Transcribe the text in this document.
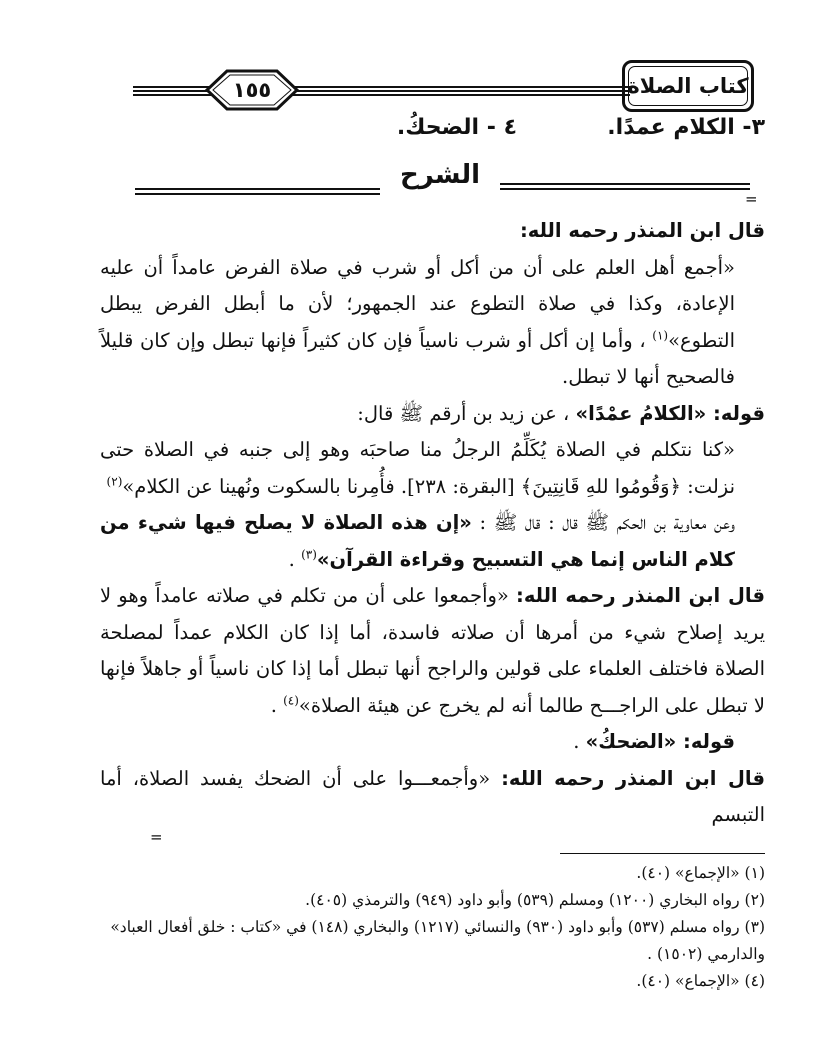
١٥٥	كتاب الصلاة
٣- الكلام عمدًا.
٤ - الضحكُ.
الشرح
=

قال ابن المنذر رحمه الله:

«أجمع أهل العلم على أن من أكل أو شرب في صلاة الفرض عامداً أن عليه الإعادة، وكذا في صلاة التطوع عند الجمهور؛ لأن ما أبطل الفرض يبطل التطوع»$^{(١)}$ ، وأما إن أكل أو شرب ناسياً فإن كان كثيراً فإنها تبطل وإن كان قليلاً فالصحيح أنها لا تبطل.

قوله: «الكلامُ عمْدًا» ، عن زيد بن أرقم ﷺ قال:

«كنا نتكلم في الصلاة يُكَلِّمُ الرجلُ منا صاحبَه وهو إلى جنبه في الصلاة حتى نزلت: ﴿وَقُومُوا للهِ قَانِتِينَ﴾ [البقرة: ٢٣٨]. فأُمِرنا بالسكوت ونُهينا عن الكلام»$^{(٢)}$

وعن معاوية بن الحكم ﷺ قال : قال ﷺ : «إن هذه الصلاة لا يصلح فيها شيء من كلام الناس إنما هي التسبيح وقراءة القرآن»$^{(٣)}$ .

قال ابن المنذر رحمه الله: «وأجمعوا على أن من تكلم في صلاته عامداً وهو لا يريد إصلاح شيء من أمرها أن صلاته فاسدة، أما إذا كان الكلام عمداً لمصلحة الصلاة فاختلف العلماء على قولين والراجح أنها تبطل أما إذا كان ناسياً أو جاهلاً فإنها لا تبطل على الراجـــح طالما أنه لم يخرج عن هيئة الصلاة»$^{(٤)}$ .

قوله: «الضحكُ» .

قال ابن المنذر رحمه الله: «وأجمعـــوا على أن الضحك يفسد الصلاة، أما التبسم

=

(١) «الإجماع» (٤٠).

(٢) رواه البخاري (١٢٠٠) ومسلم (٥٣٩) وأبو داود (٩٤٩) والترمذي (٤٠٥).

(٣) رواه مسلم (٥٣٧) وأبو داود (٩٣٠) والنسائي (١٢١٧) والبخاري (١٤٨) في «كتاب : خلق أفعال العباد» والدارمي (١٥٠٢) .

(٤) «الإجماع» (٤٠).
